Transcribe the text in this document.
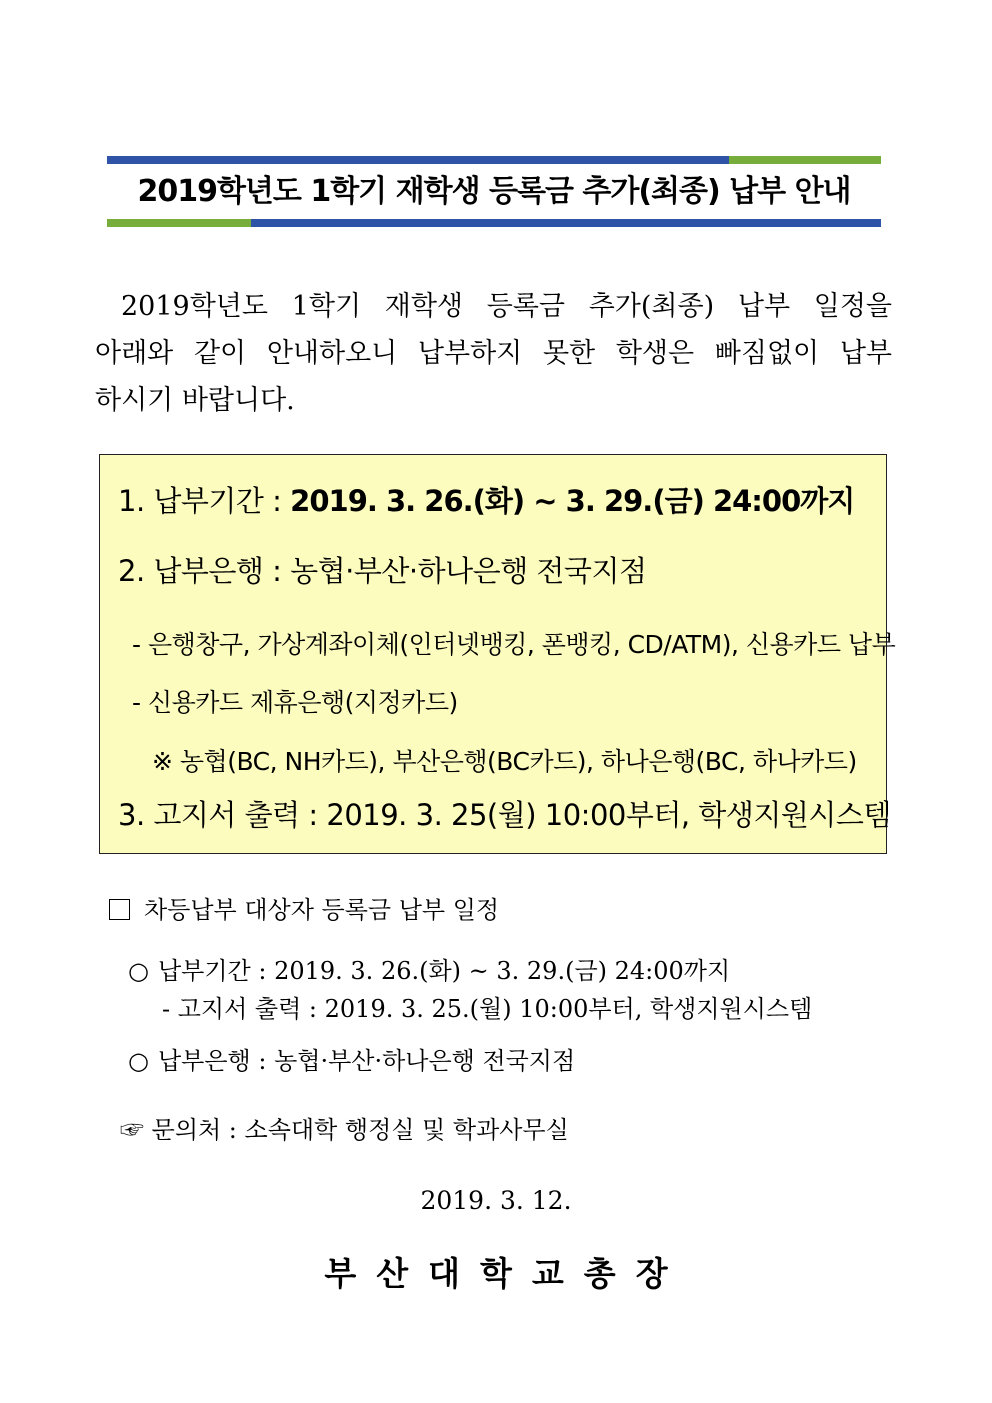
2019학년도 1학기 재학생 등록금 추가(최종) 납부 안내
2019학년도 1학기 재학생 등록금 추가(최종) 납부 일정을
아래와 같이 안내하오니 납부하지 못한 학생은 빠짐없이 납부
하시기 바랍니다.
1. 납부기간 : 2019. 3. 26.(화) ~ 3. 29.(금) 24:00까지
2. 납부은행 : 농협·부산·하나은행 전국지점
- 은행창구, 가상계좌이체(인터넷뱅킹, 폰뱅킹, CD/ATM), 신용카드 납부
- 신용카드 제휴은행(지정카드)
※ 농협(BC, NH카드), 부산은행(BC카드), 하나은행(BC, 하나카드)
3. 고지서 출력 : 2019. 3. 25(월) 10:00부터, 학생지원시스템
차등납부 대상자 등록금 납부 일정
○ 납부기간 : 2019. 3. 26.(화) ~ 3. 29.(금) 24:00까지
- 고지서 출력 : 2019. 3. 25.(월) 10:00부터, 학생지원시스템
○ 납부은행 : 농협·부산·하나은행 전국지점
☞ 문의처 : 소속대학 행정실 및 학과사무실
2019. 3. 12.
부산대학교총장
